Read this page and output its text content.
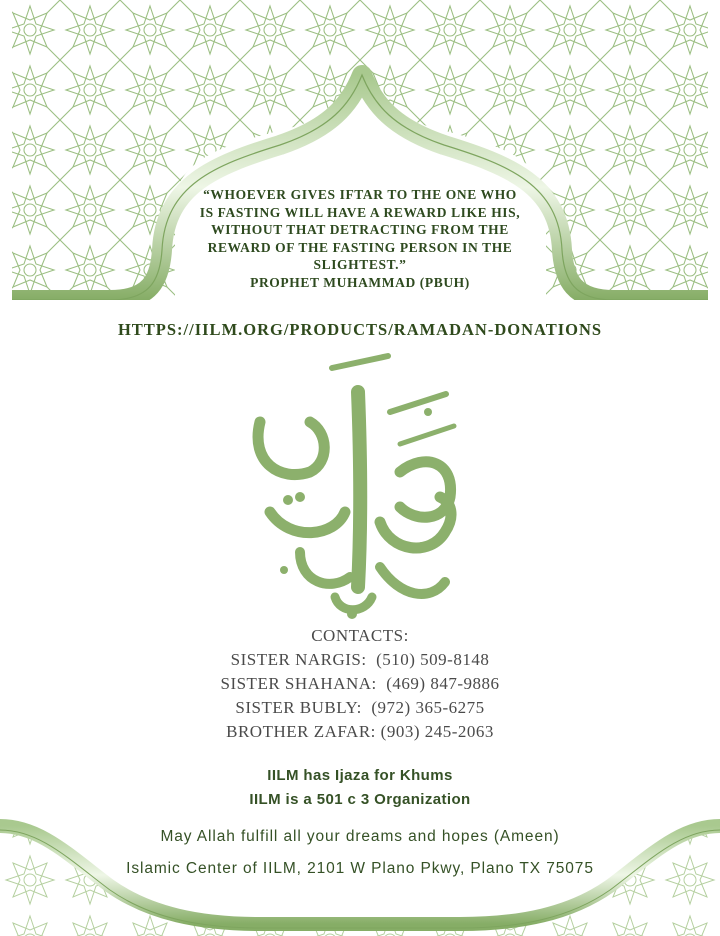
“WHOEVER GIVES IFTAR TO THE ONE WHO
IS FASTING WILL HAVE A REWARD LIKE HIS,
WITHOUT THAT DETRACTING FROM THE
REWARD OF THE FASTING PERSON IN THE
SLIGHTEST.”
PROPHET MUHAMMAD (PBUH)
HTTPS://IILM.ORG/PRODUCTS/RAMADAN-DONATIONS
CONTACTS:
SISTER NARGIS: (510) 509-8148
SISTER SHAHANA: (469) 847-9886
SISTER BUBLY: (972) 365-6275
BROTHER ZAFAR: (903) 245-2063
IILM has Ijaza for Khums
IILM is a 501 c 3 Organization
May Allah fulfill all your dreams and hopes (Ameen)
Islamic Center of IILM, 2101 W Plano Pkwy, Plano TX 75075
